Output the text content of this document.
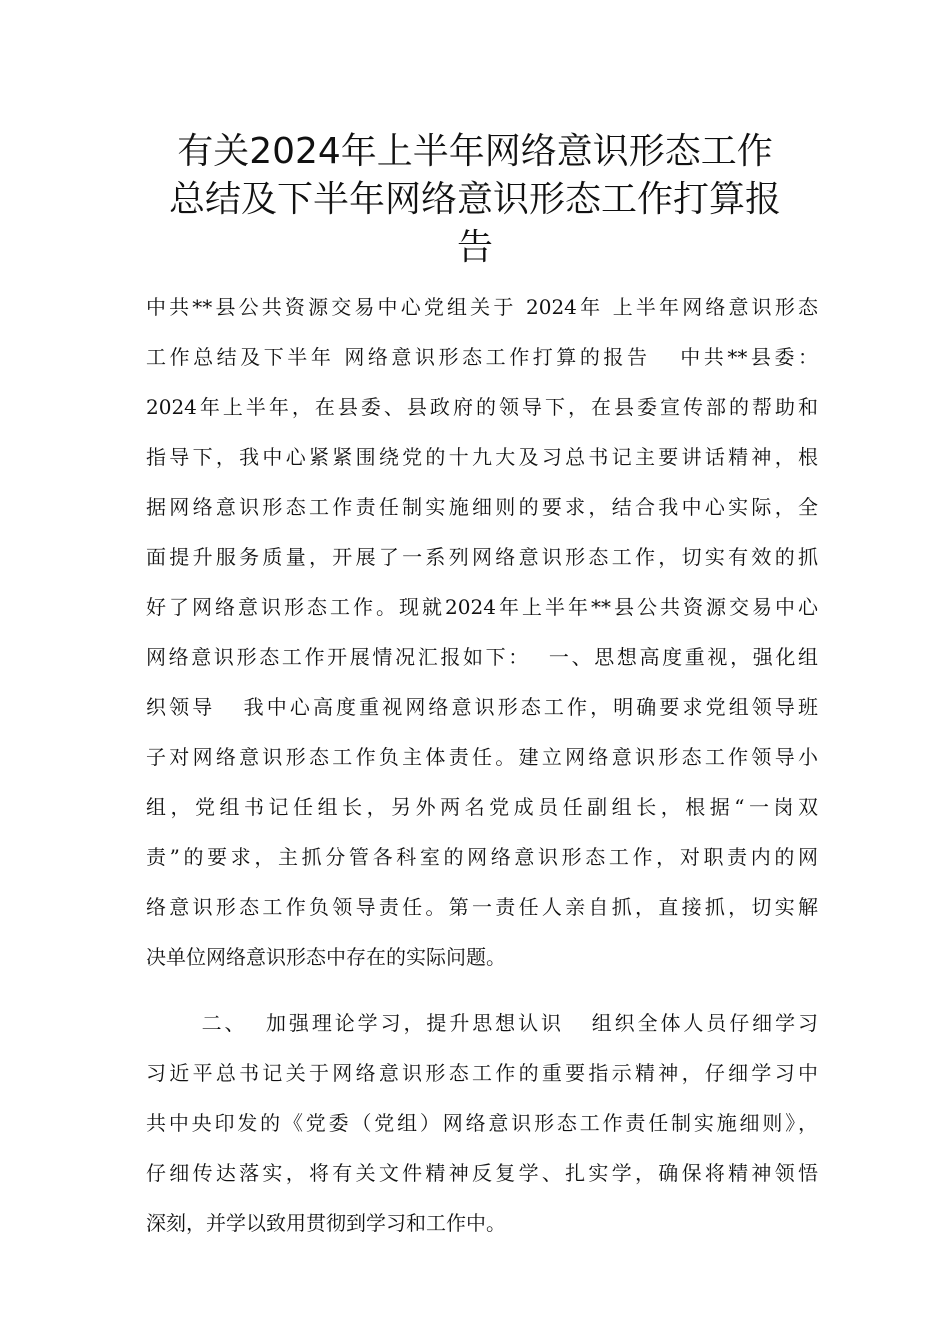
有关2024年上半年网络意识形态工作
总结及下半年网络意识形态工作打算报
告
中共**县公共资源交易中心党组关于 2024年 上半年网络意识形态
工作总结及下半年 网络意识形态工作打算的报告   中共**县委：
2024年上半年，在县委、县政府的领导下，在县委宣传部的帮助和
指导下，我中心紧紧围绕党的十九大及习总书记主要讲话精神，根
据网络意识形态工作责任制实施细则的要求，结合我中心实际，全
面提升服务质量，开展了一系列网络意识形态工作，切实有效的抓
好了网络意识形态工作。现就2024年上半年**县公共资源交易中心
网络意识形态工作开展情况汇报如下：  一、思想高度重视，强化组
织领导   我中心高度重视网络意识形态工作，明确要求党组领导班
子对网络意识形态工作负主体责任。建立网络意识形态工作领导小
组，党组书记任组长，另外两名党成员任副组长，根据“一岗双
责”的要求，主抓分管各科室的网络意识形态工作，对职责内的网
络意识形态工作负领导责任。第一责任人亲自抓，直接抓，切实解
决单位网络意识形态中存在的实际问题。
二、  加强理论学习，提升思想认识   组织全体人员仔细学习
习近平总书记关于网络意识形态工作的重要指示精神，仔细学习中
共中央印发的《党委（党组）网络意识形态工作责任制实施细则》，
仔细传达落实，将有关文件精神反复学、扎实学，确保将精神领悟
深刻，并学以致用贯彻到学习和工作中。
